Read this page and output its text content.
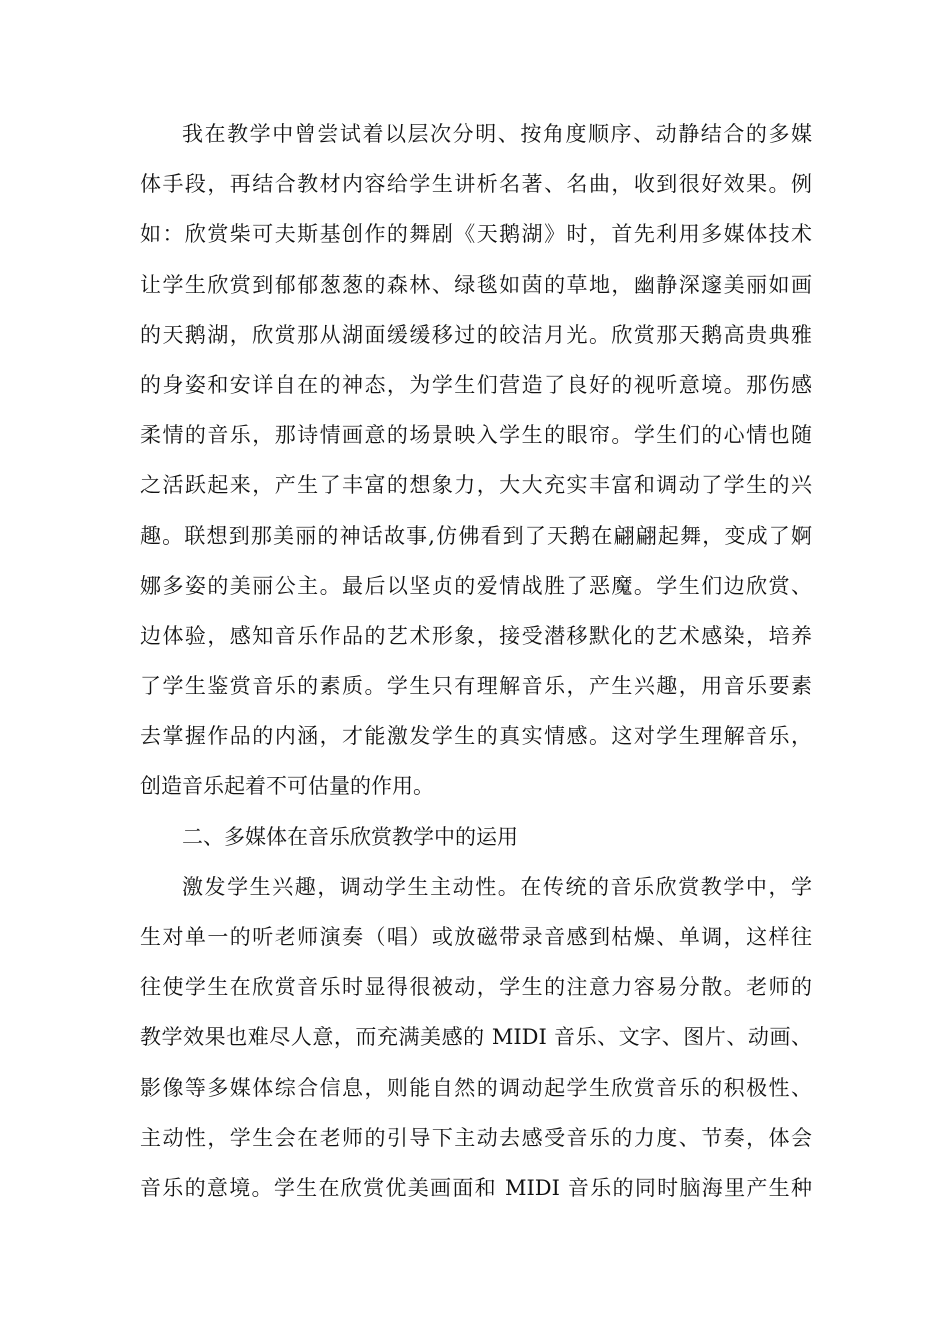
我在教学中曾尝试着以层次分明、按角度顺序、动静结合的多媒
体手段，再结合教材内容给学生讲析名著、名曲，收到很好效果。例
如：欣赏柴可夫斯基创作的舞剧《天鹅湖》时，首先利用多媒体技术
让学生欣赏到郁郁葱葱的森林、绿毯如茵的草地，幽静深邃美丽如画
的天鹅湖，欣赏那从湖面缓缓移过的皎洁月光。欣赏那天鹅高贵典雅
的身姿和安详自在的神态，为学生们营造了良好的视听意境。那伤感
柔情的音乐，那诗情画意的场景映入学生的眼帘。学生们的心情也随
之活跃起来，产生了丰富的想象力，大大充实丰富和调动了学生的兴
趣。联想到那美丽的神话故事,仿佛看到了天鹅在翩翩起舞，变成了婀
娜多姿的美丽公主。最后以坚贞的爱情战胜了恶魔。学生们边欣赏、
边体验，感知音乐作品的艺术形象，接受潜移默化的艺术感染，培养
了学生鉴赏音乐的素质。学生只有理解音乐，产生兴趣，用音乐要素
去掌握作品的内涵，才能激发学生的真实情感。这对学生理解音乐，
创造音乐起着不可估量的作用。
二、多媒体在音乐欣赏教学中的运用
激发学生兴趣，调动学生主动性。在传统的音乐欣赏教学中，学
生对单一的听老师演奏（唱）或放磁带录音感到枯燥、单调，这样往
往使学生在欣赏音乐时显得很被动，学生的注意力容易分散。老师的
教学效果也难尽人意，而充满美感的 MIDI 音乐、文字、图片、动画、
影像等多媒体综合信息，则能自然的调动起学生欣赏音乐的积极性、
主动性，学生会在老师的引导下主动去感受音乐的力度、节奏，体会
音乐的意境。学生在欣赏优美画面和 MIDI 音乐的同时脑海里产生种
